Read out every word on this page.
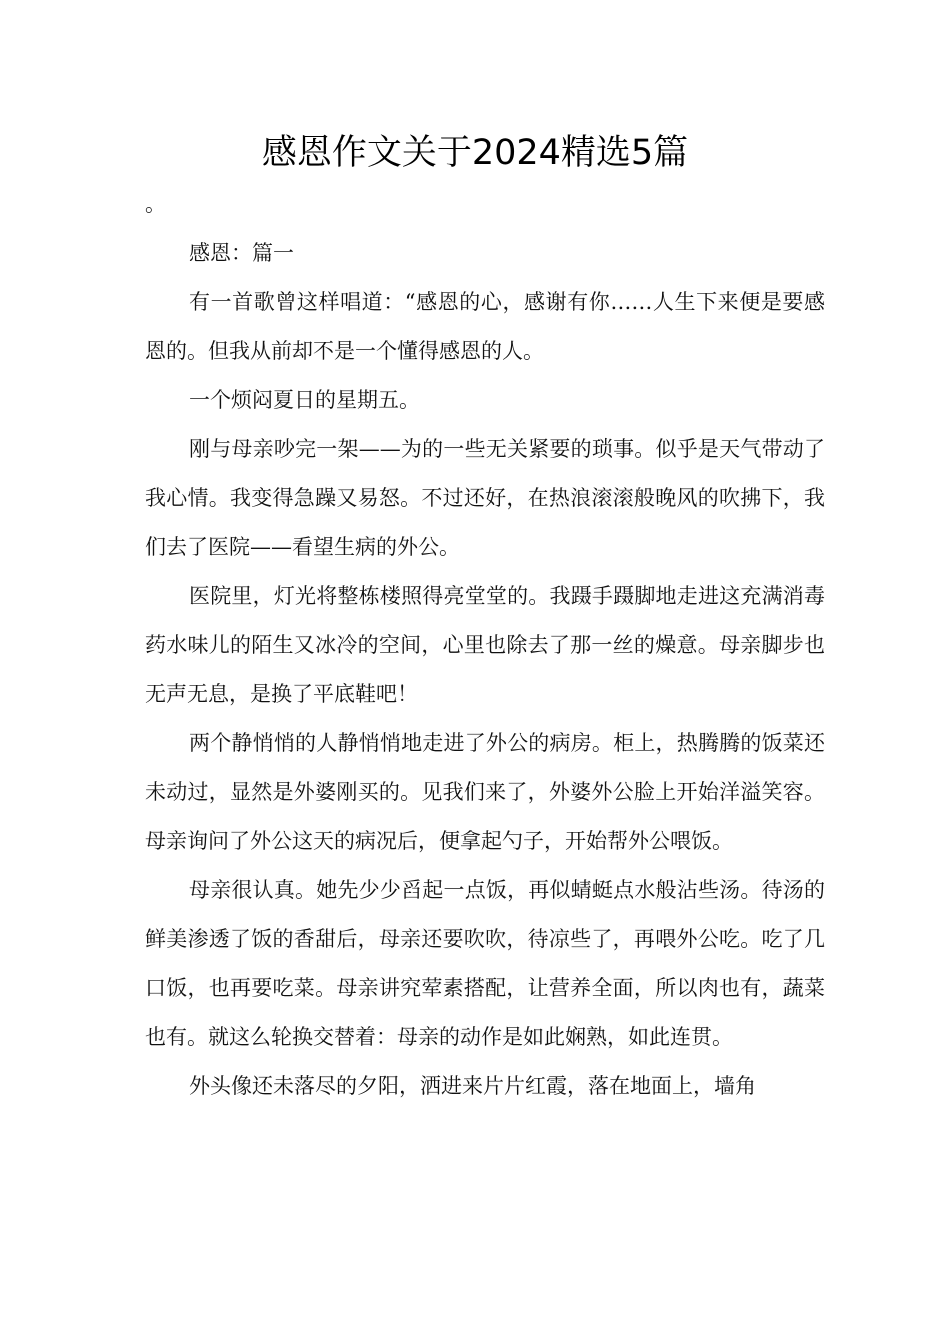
感恩作文关于2024精选5篇

。

感恩：篇一

有一首歌曾这样唱道：“感恩的心，感谢有你……人生下来便是要感恩的。但我从前却不是一个懂得感恩的人。

一个烦闷夏日的星期五。

刚与母亲吵完一架——为的一些无关紧要的琐事。似乎是天气带动了我心情。我变得急躁又易怒。不过还好，在热浪滚滚般晚风的吹拂下，我们去了医院——看望生病的外公。

医院里，灯光将整栋楼照得亮堂堂的。我蹑手蹑脚地走进这充满消毒药水味儿的陌生又冰冷的空间，心里也除去了那一丝的燥意。母亲脚步也无声无息，是换了平底鞋吧！

两个静悄悄的人静悄悄地走进了外公的病房。柜上，热腾腾的饭菜还未动过，显然是外婆刚买的。见我们来了，外婆外公脸上开始洋溢笑容。母亲询问了外公这天的病况后，便拿起勺子，开始帮外公喂饭。

母亲很认真。她先少少舀起一点饭，再似蜻蜓点水般沾些汤。待汤的鲜美渗透了饭的香甜后，母亲还要吹吹，待凉些了，再喂外公吃。吃了几口饭，也再要吃菜。母亲讲究荤素搭配，让营养全面，所以肉也有，蔬菜也有。就这么轮换交替着：母亲的动作是如此娴熟，如此连贯。

外头像还未落尽的夕阳，洒进来片片红霞，落在地面上，墙角
